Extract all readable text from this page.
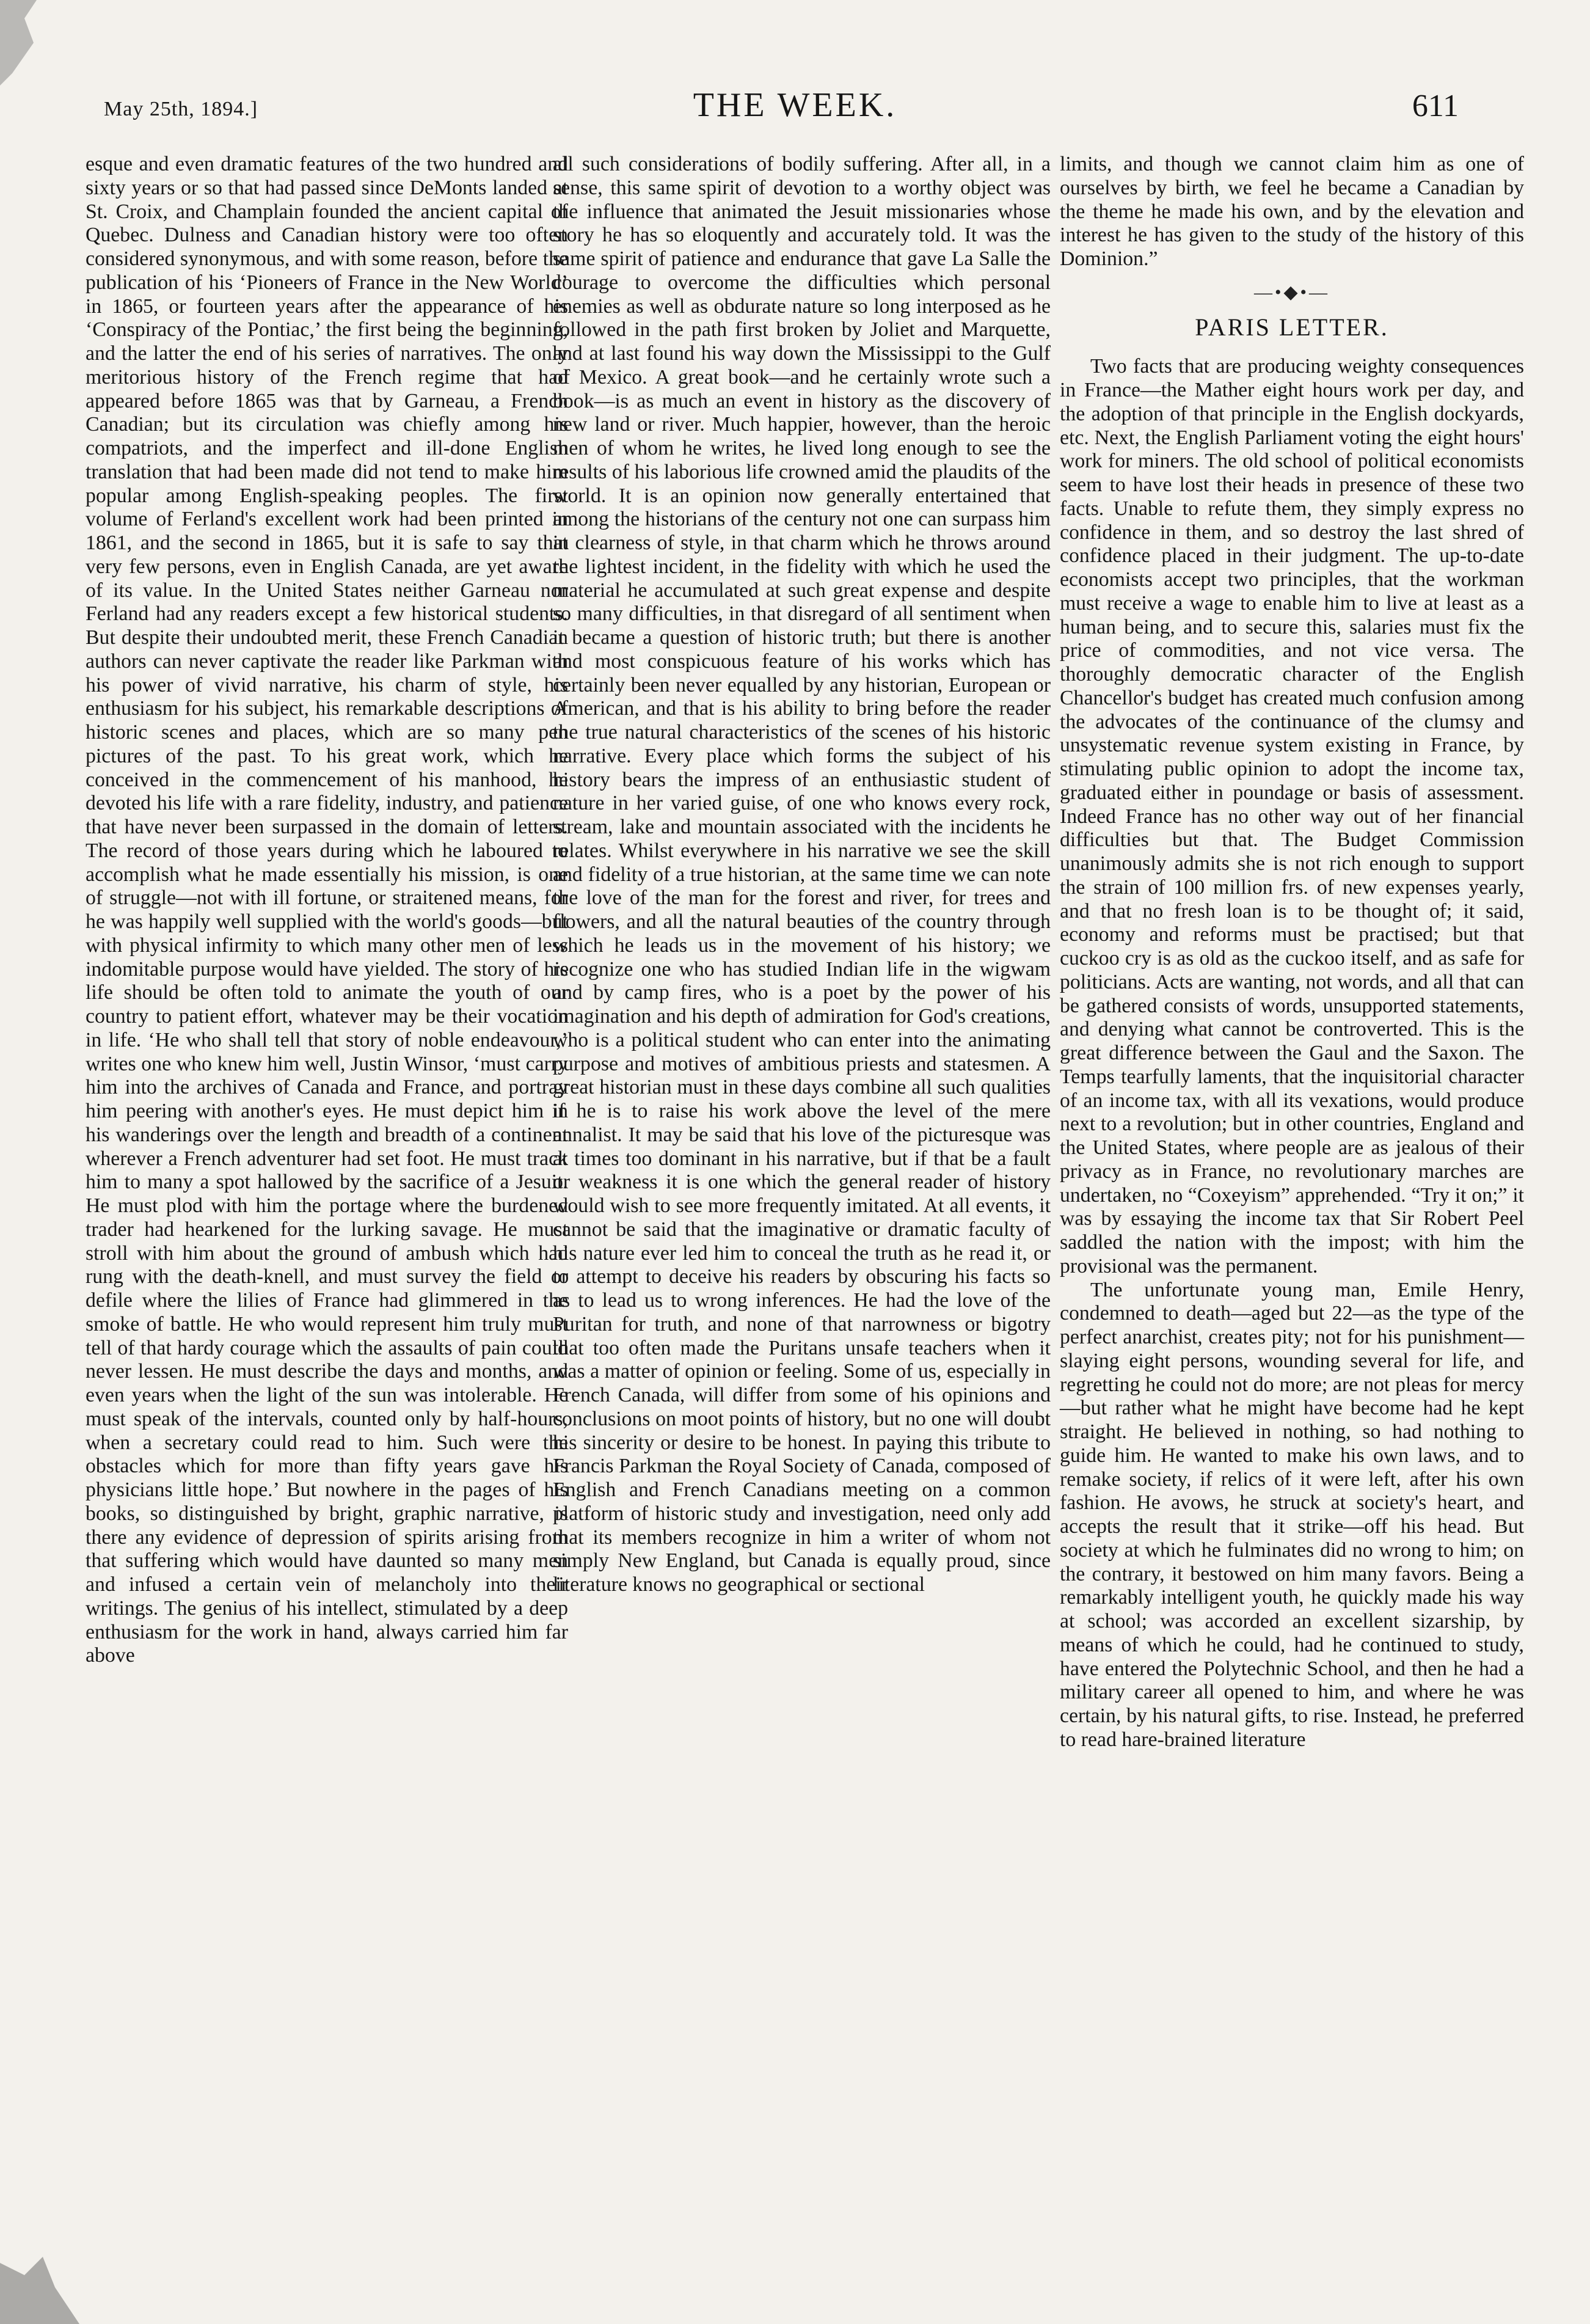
May 25th, 1894.]	THE WEEK.	611

esque and even dramatic features of the two hundred and sixty years or so that had passed since DeMonts landed at St. Croix, and Champlain founded the ancient capital of Quebec. Dulness and Canadian history were too often considered synonymous, and with some reason, before the publication of his ‘Pioneers of France in the New World’ in 1865, or fourteen years after the appearance of his ‘Conspiracy of the Pontiac,’ the first being the beginning, and the latter the end of his series of narratives. The only meritorious history of the French regime that had appeared before 1865 was that by Garneau, a French Canadian; but its circulation was chiefly among his compatriots, and the imperfect and ill-done English translation that had been made did not tend to make him popular among English-speaking peoples. The first volume of Ferland's excellent work had been printed in 1861, and the second in 1865, but it is safe to say that very few persons, even in English Canada, are yet aware of its value. In the United States neither Garneau nor Ferland had any readers except a few historical students. But despite their undoubted merit, these French Canadian authors can never captivate the reader like Parkman with his power of vivid narrative, his charm of style, his enthusiasm for his subject, his remarkable descriptions of historic scenes and places, which are so many pen pictures of the past. To his great work, which he conceived in the commencement of his manhood, he devoted his life with a rare fidelity, industry, and patience that have never been surpassed in the domain of letters. The record of those years during which he laboured to accomplish what he made essentially his mission, is one of struggle—not with ill fortune, or straitened means, for he was happily well supplied with the world's goods—but with physical infirmity to which many other men of less indomitable purpose would have yielded. The story of his life should be often told to animate the youth of our country to patient effort, whatever may be their vocation in life. ‘He who shall tell that story of noble endeavour,’ writes one who knew him well, Justin Winsor, ‘must carry him into the archives of Canada and France, and portray him peering with another's eyes. He must depict him in his wanderings over the length and breadth of a continent wherever a French adventurer had set foot. He must track him to many a spot hallowed by the sacrifice of a Jesuit. He must plod with him the portage where the burdened trader had hearkened for the lurking savage. He must stroll with him about the ground of ambush which had rung with the death-knell, and must survey the field or defile where the lilies of France had glimmered in the smoke of battle. He who would represent him truly must tell of that hardy courage which the assaults of pain could never lessen. He must describe the days and months, and even years when the light of the sun was intolerable. He must speak of the intervals, counted only by half-hours, when a secretary could read to him. Such were the obstacles which for more than fifty years gave his physicians little hope.’ But nowhere in the pages of his books, so distinguished by bright, graphic narrative, is there any evidence of depression of spirits arising from that suffering which would have daunted so many men and infused a certain vein of melancholy into their writings. The genius of his intellect, stimulated by a deep enthusiasm for the work in hand, always carried him far above

all such considerations of bodily suffering. After all, in a sense, this same spirit of devotion to a worthy object was the influence that animated the Jesuit missionaries whose story he has so eloquently and accurately told. It was the same spirit of patience and endurance that gave La Salle the courage to overcome the difficulties which personal enemies as well as obdurate nature so long interposed as he followed in the path first broken by Joliet and Marquette, and at last found his way down the Mississippi to the Gulf of Mexico. A great book—and he certainly wrote such a book—is as much an event in history as the discovery of new land or river. Much happier, however, than the heroic men of whom he writes, he lived long enough to see the results of his laborious life crowned amid the plaudits of the world. It is an opinion now generally entertained that among the historians of the century not one can surpass him in clearness of style, in that charm which he throws around the lightest incident, in the fidelity with which he used the material he accumulated at such great expense and despite so many difficulties, in that disregard of all sentiment when it became a question of historic truth; but there is another and most conspicuous feature of his works which has certainly been never equalled by any historian, European or American, and that is his ability to bring before the reader the true natural characteristics of the scenes of his historic narrative. Every place which forms the subject of his history bears the impress of an enthusiastic student of nature in her varied guise, of one who knows every rock, stream, lake and mountain associated with the incidents he relates. Whilst everywhere in his narrative we see the skill and fidelity of a true historian, at the same time we can note the love of the man for the forest and river, for trees and flowers, and all the natural beauties of the country through which he leads us in the movement of his history; we recognize one who has studied Indian life in the wigwam and by camp fires, who is a poet by the power of his imagination and his depth of admiration for God's creations, who is a political student who can enter into the animating purpose and motives of ambitious priests and statesmen. A great historian must in these days combine all such qualities if he is to raise his work above the level of the mere annalist. It may be said that his love of the picturesque was at times too dominant in his narrative, but if that be a fault or weakness it is one which the general reader of history would wish to see more frequently imitated. At all events, it cannot be said that the imaginative or dramatic faculty of his nature ever led him to conceal the truth as he read it, or to attempt to deceive his readers by obscuring his facts so as to lead us to wrong inferences. He had the love of the Puritan for truth, and none of that narrowness or bigotry that too often made the Puritans unsafe teachers when it was a matter of opinion or feeling. Some of us, especially in French Canada, will differ from some of his opinions and conclusions on moot points of history, but no one will doubt his sincerity or desire to be honest. In paying this tribute to Francis Parkman the Royal Society of Canada, composed of English and French Canadians meeting on a common platform of historic study and investigation, need only add that its members recognize in him a writer of whom not simply New England, but Canada is equally proud, since literature knows no geographical or sectional

limits, and though we cannot claim him as one of ourselves by birth, we feel he became a Canadian by the theme he made his own, and by the elevation and interest he has given to the study of the history of this Dominion.”

—•◆•—
PARIS LETTER.

Two facts that are producing weighty consequences in France—the Mather eight hours work per day, and the adoption of that principle in the English dockyards, etc. Next, the English Parliament voting the eight hours' work for miners. The old school of political economists seem to have lost their heads in presence of these two facts. Unable to refute them, they simply express no confidence in them, and so destroy the last shred of confidence placed in their judgment. The up-to-date economists accept two principles, that the workman must receive a wage to enable him to live at least as a human being, and to secure this, salaries must fix the price of commodities, and not vice versa. The thoroughly democratic character of the English Chancellor's budget has created much confusion among the advocates of the continuance of the clumsy and unsystematic revenue system existing in France, by stimulating public opinion to adopt the income tax, graduated either in poundage or basis of assessment. Indeed France has no other way out of her financial difficulties but that. The Budget Commission unanimously admits she is not rich enough to support the strain of 100 million frs. of new expenses yearly, and that no fresh loan is to be thought of; it said, economy and reforms must be practised; but that cuckoo cry is as old as the cuckoo itself, and as safe for politicians. Acts are wanting, not words, and all that can be gathered consists of words, unsupported statements, and denying what cannot be controverted. This is the great difference between the Gaul and the Saxon. The Temps tearfully laments, that the inquisitorial character of an income tax, with all its vexations, would produce next to a revolution; but in other countries, England and the United States, where people are as jealous of their privacy as in France, no revolutionary marches are undertaken, no “Coxeyism” apprehended. “Try it on;” it was by essaying the income tax that Sir Robert Peel saddled the nation with the impost; with him the provisional was the permanent.

The unfortunate young man, Emile Henry, condemned to death—aged but 22—as the type of the perfect anarchist, creates pity; not for his punishment—slaying eight persons, wounding several for life, and regretting he could not do more; are not pleas for mercy—but rather what he might have become had he kept straight. He believed in nothing, so had nothing to guide him. He wanted to make his own laws, and to remake society, if relics of it were left, after his own fashion. He avows, he struck at society's heart, and accepts the result that it strike—off his head. But society at which he fulminates did no wrong to him; on the contrary, it bestowed on him many favors. Being a remarkably intelligent youth, he quickly made his way at school; was accorded an excellent sizarship, by means of which he could, had he continued to study, have entered the Polytechnic School, and then he had a military career all opened to him, and where he was certain, by his natural gifts, to rise. Instead, he preferred to read hare-brained literature
